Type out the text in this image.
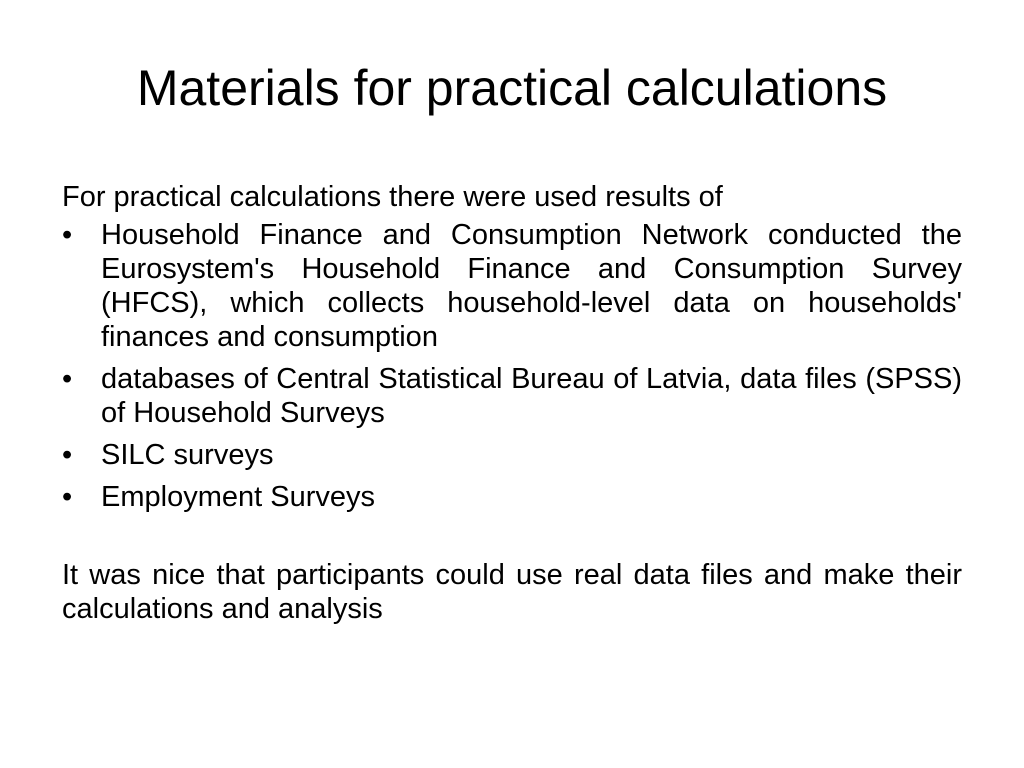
Materials for practical calculations

For practical calculations there were used results of

• Household Finance and Consumption Network conducted the Eurosystem's Household Finance and Consumption Survey (HFCS), which collects household-level data on households' finances and consumption
• databases of Central Statistical Bureau of Latvia, data files (SPSS) of Household Surveys
• SILC surveys
• Employment Surveys

It was nice that participants could use real data files and make their calculations and analysis
